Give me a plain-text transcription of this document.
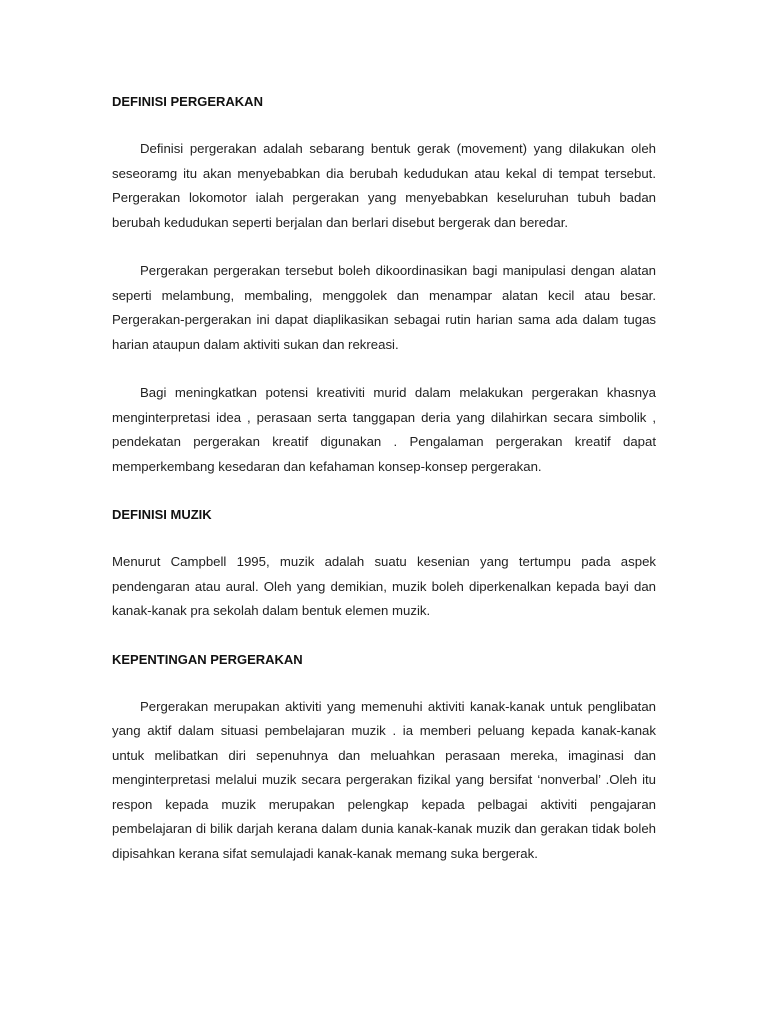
DEFINISI PERGERAKAN

Definisi pergerakan adalah sebarang bentuk gerak (movement) yang dilakukan oleh seseoramg itu akan menyebabkan dia berubah kedudukan atau kekal di tempat tersebut. Pergerakan lokomotor ialah pergerakan yang menyebabkan keseluruhan tubuh badan berubah kedudukan seperti berjalan dan berlari disebut bergerak dan beredar.

Pergerakan pergerakan tersebut boleh dikoordinasikan bagi manipulasi dengan alatan seperti melambung, membaling, menggolek dan menampar alatan kecil atau besar. Pergerakan-pergerakan ini dapat diaplikasikan sebagai rutin harian sama ada dalam tugas harian ataupun dalam aktiviti sukan dan rekreasi.

Bagi meningkatkan potensi kreativiti murid dalam melakukan pergerakan khasnya menginterpretasi idea , perasaan serta tanggapan deria yang dilahirkan secara simbolik , pendekatan pergerakan kreatif digunakan . Pengalaman pergerakan kreatif dapat memperkembang kesedaran dan kefahaman konsep-konsep pergerakan.

DEFINISI MUZIK

Menurut Campbell 1995, muzik adalah suatu kesenian yang tertumpu pada aspek pendengaran atau aural. Oleh yang demikian, muzik boleh diperkenalkan kepada bayi dan kanak-kanak pra sekolah dalam bentuk elemen muzik.

KEPENTINGAN PERGERAKAN

Pergerakan merupakan aktiviti yang memenuhi aktiviti kanak-kanak untuk penglibatan yang aktif dalam situasi pembelajaran muzik . ia memberi peluang kepada kanak-kanak untuk melibatkan diri sepenuhnya dan meluahkan perasaan mereka, imaginasi dan menginterpretasi melalui muzik secara pergerakan fizikal yang bersifat ‘nonverbal’ .Oleh itu respon kepada muzik merupakan pelengkap kepada pelbagai aktiviti pengajaran pembelajaran di bilik darjah kerana dalam dunia kanak-kanak muzik dan gerakan tidak boleh dipisahkan kerana sifat semulajadi kanak-kanak memang suka bergerak.
